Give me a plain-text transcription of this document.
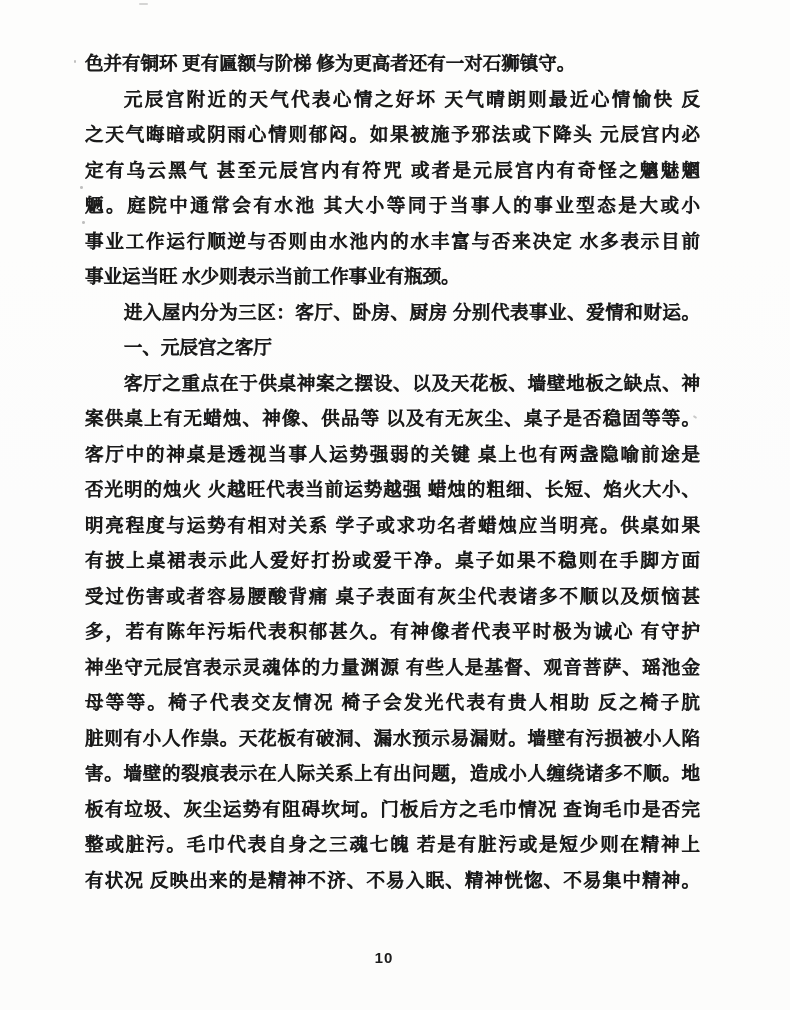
色并有铜环 更有匾额与阶梯 修为更高者还有一对石狮镇守。
元辰宫附近的天气代表心情之好坏 天气晴朗则最近心情愉快 反
之天气晦暗或阴雨心情则郁闷。如果被施予邪法或下降头 元辰宫内必
定有乌云黑气 甚至元辰宫内有符咒 或者是元辰宫内有奇怪之魑魅魍
魉。庭院中通常会有水池 其大小等同于当事人的事业型态是大或小
事业工作运行顺逆与否则由水池内的水丰富与否来决定 水多表示目前
事业运当旺 水少则表示当前工作事业有瓶颈。
进入屋内分为三区：客厅、卧房、厨房 分别代表事业、爱情和财运。
一、元辰宫之客厅
客厅之重点在于供桌神案之摆设、以及天花板、墙壁地板之缺点、神
案供桌上有无蜡烛、神像、供品等 以及有无灰尘、桌子是否稳固等等。
客厅中的神桌是透视当事人运势强弱的关键 桌上也有两盏隐喻前途是
否光明的烛火 火越旺代表当前运势越强 蜡烛的粗细、长短、焰火大小、
明亮程度与运势有相对关系 学子或求功名者蜡烛应当明亮。供桌如果
有披上桌裙表示此人爱好打扮或爱干净。桌子如果不稳则在手脚方面
受过伤害或者容易腰酸背痛 桌子表面有灰尘代表诸多不顺以及烦恼甚
多，若有陈年污垢代表积郁甚久。有神像者代表平时极为诚心 有守护
神坐守元辰宫表示灵魂体的力量渊源 有些人是基督、观音菩萨、瑶池金
母等等。椅子代表交友情况 椅子会发光代表有贵人相助 反之椅子肮
脏则有小人作祟。天花板有破洞、漏水预示易漏财。墙壁有污损被小人陷
害。墙壁的裂痕表示在人际关系上有出问题，造成小人缠绕诸多不顺。地
板有垃圾、灰尘运势有阻碍坎坷。门板后方之毛巾情况 查询毛巾是否完
整或脏污。毛巾代表自身之三魂七魄 若是有脏污或是短少则在精神上
有状况 反映出来的是精神不济、不易入眠、精神恍惚、不易集中精神。
10
